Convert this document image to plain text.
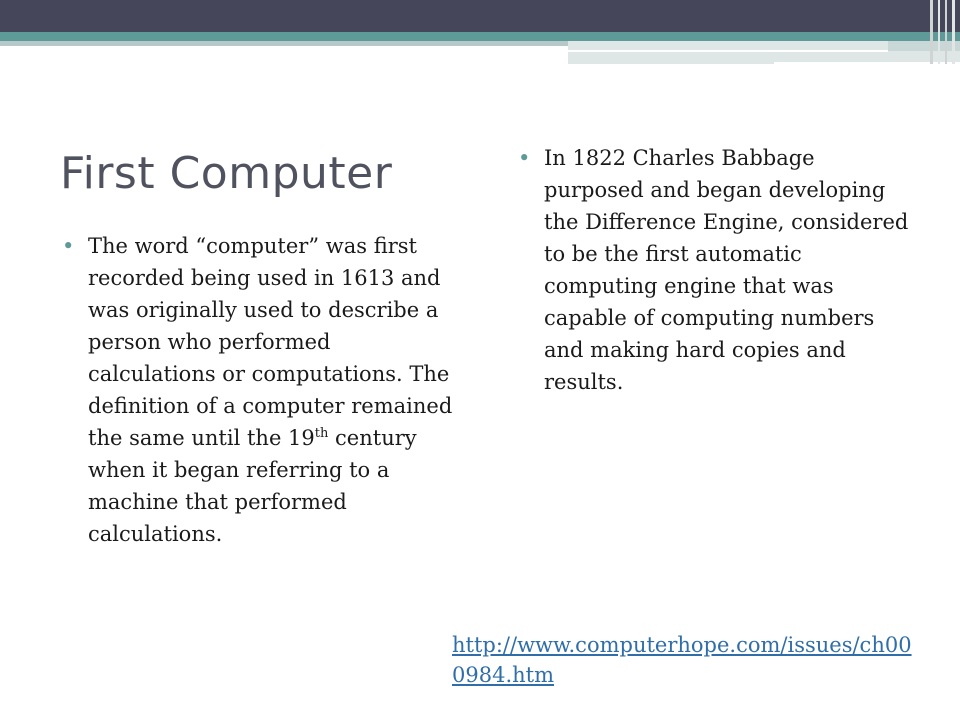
First Computer
• The word “computer” was first recorded being used in 1613 and was originally used to describe a person who performed calculations or computations. The definition of a computer remained the same until the 19th century when it began referring to a machine that performed calculations.
• In 1822 Charles Babbage purposed and began developing the Difference Engine, considered to be the first automatic computing engine that was capable of computing numbers and making hard copies and results.
http://www.computerhope.com/issues/ch000984.htm
